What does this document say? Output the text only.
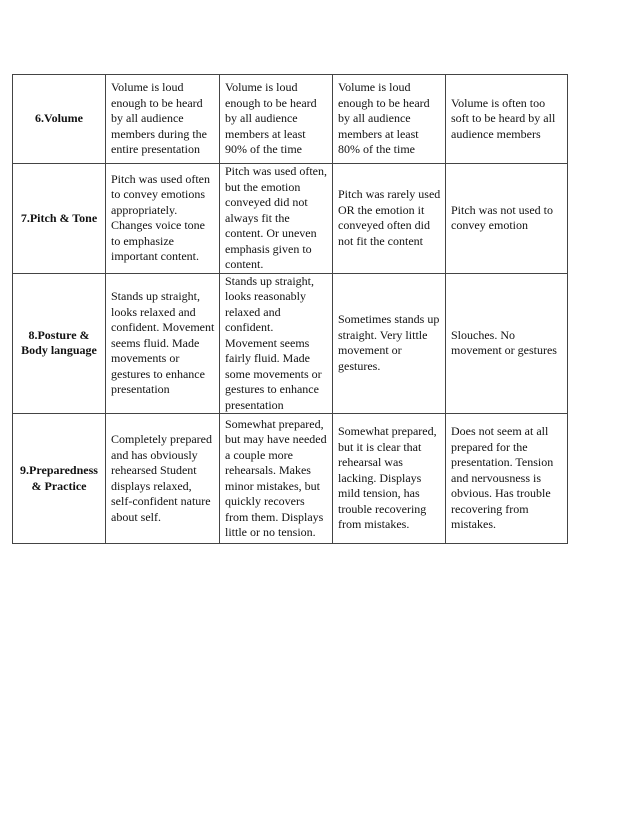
6.Volume	Volume is loud enough to be heard by all audience members during the entire presentation	Volume is loud enough to be heard by all audience members at least 90% of the time	Volume is loud enough to be heard by all audience members at least 80% of the time	Volume is often too soft to be heard by all audience members

7.Pitch & Tone	Pitch was used often to convey emotions appropriately. Changes voice tone to emphasize important content.	Pitch was used often, but the emotion conveyed did not always fit the content. Or uneven emphasis given to content.	Pitch was rarely used OR the emotion it conveyed often did not fit the content	Pitch was not used to convey emotion

8.Posture & Body language	Stands up straight, looks relaxed and confident. Movement seems fluid. Made movements or gestures to enhance presentation	Stands up straight, looks reasonably relaxed and confident. Movement seems fairly fluid. Made some movements or gestures to enhance presentation	Sometimes stands up straight. Very little movement or gestures.	Slouches. No movement or gestures

9.Preparedness & Practice	Completely prepared and has obviously rehearsed Student displays relaxed, self-confident nature about self.	Somewhat prepared, but may have needed a couple more rehearsals. Makes minor mistakes, but quickly recovers from them. Displays little or no tension.	Somewhat prepared, but it is clear that rehearsal was lacking. Displays mild tension, has trouble recovering from mistakes.	Does not seem at all prepared for the presentation. Tension and nervousness is obvious. Has trouble recovering from mistakes.
